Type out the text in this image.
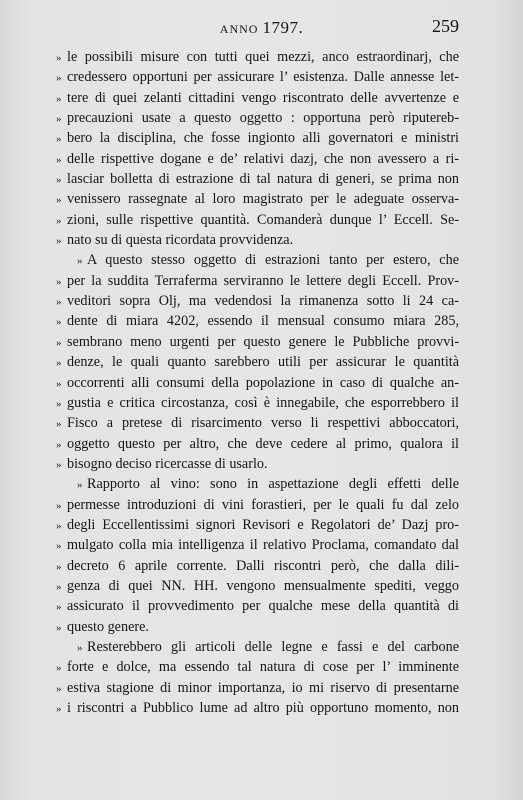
ANNO 1797.	259
» le possibili misure con tutti quei mezzi, anco estraordinarj, che
» credessero opportuni per assicurare l’ esistenza. Dalle annesse let-
» tere di quei zelanti cittadini vengo riscontrato delle avvertenze e
» precauzioni usate a questo oggetto : opportuna però riputereb-
» bero la disciplina, che fosse ingionto alli governatori e ministri
» delle rispettive dogane e de’ relativi dazj, che non avessero a ri-
» lasciar bolletta di estrazione di tal natura di generi, se prima non
» venissero rassegnate al loro magistrato per le adeguate osserva-
» zioni, sulle rispettive quantità. Comanderà dunque l’ Eccell. Se-
» nato su di questa ricordata provvidenza.
» A questo stesso oggetto di estrazioni tanto per estero, che
» per la suddita Terraferma serviranno le lettere degli Eccell. Prov-
» veditori sopra Olj, ma vedendosi la rimanenza sotto li 24 ca-
» dente di miara 4202, essendo il mensual consumo miara 285,
» sembrano meno urgenti per questo genere le Pubbliche provvi-
» denze, le quali quanto sarebbero utili per assicurar le quantità
» occorrenti alli consumi della popolazione in caso di qualche an-
» gustia e critica circostanza, così è innegabile, che esporrebbero il
» Fisco a pretese di risarcimento verso li respettivi abboccatori,
» oggetto questo per altro, che deve cedere al primo, qualora il
» bisogno deciso ricercasse di usarlo.
» Rapporto al vino: sono in aspettazione degli effetti delle
» permesse introduzioni di vini forastieri, per le quali fu dal zelo
» degli Eccellentissimi signori Revisori e Regolatori de’ Dazj pro-
» mulgato colla mia intelligenza il relativo Proclama, comandato dal
» decreto 6 aprile corrente. Dalli riscontri però, che dalla dili-
» genza di quei NN. HH. vengono mensualmente spediti, veggo
» assicurato il provvedimento per qualche mese della quantità di
» questo genere.
» Resterebbero gli articoli delle legne e fassi e del carbone
» forte e dolce, ma essendo tal natura di cose per l’ imminente
» estiva stagione di minor importanza, io mi riservo di presentarne
» i riscontri a Pubblico lume ad altro più opportuno momento, non
